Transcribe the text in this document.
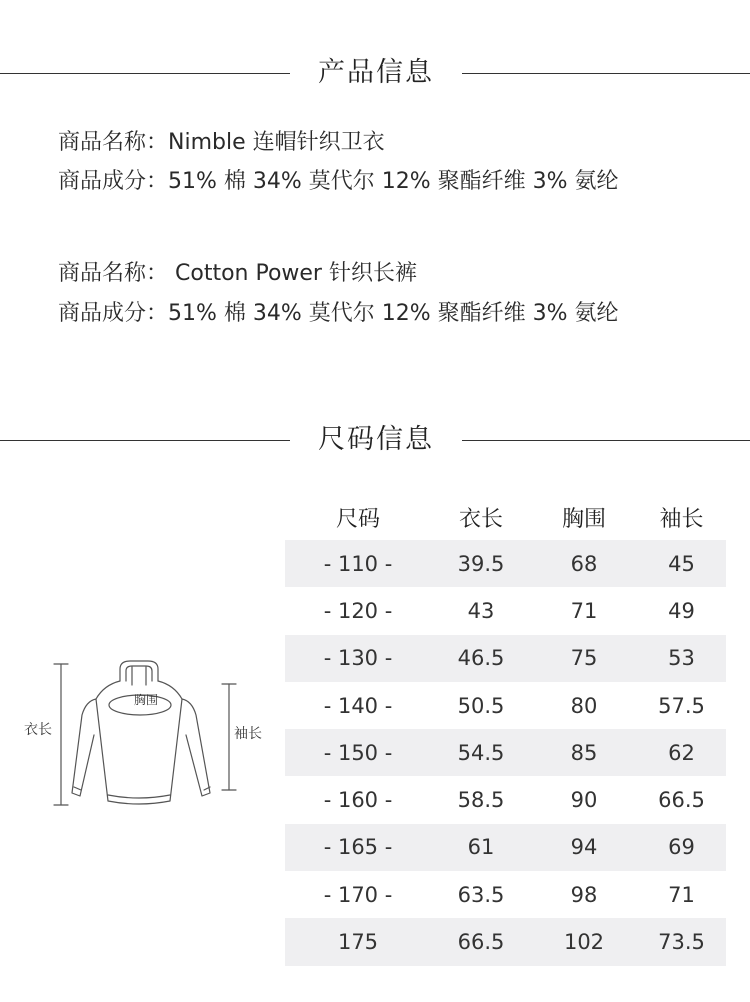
产品信息
商品名称：Nimble 连帽针织卫衣
商品成分：51% 棉 34% 莫代尔 12% 聚酯纤维 3% 氨纶
商品名称： Cotton Power 针织长裤
商品成分：51% 棉 34% 莫代尔 12% 聚酯纤维 3% 氨纶
尺码信息
衣长
胸围
袖长
尺码	衣长	胸围	袖长
- 110 -	39.5	68	45
- 120 -	43	71	49
- 130 -	46.5	75	53
- 140 -	50.5	80	57.5
- 150 -	54.5	85	62
- 160 -	58.5	90	66.5
- 165 -	61	94	69
- 170 -	63.5	98	71
175	66.5	102	73.5
